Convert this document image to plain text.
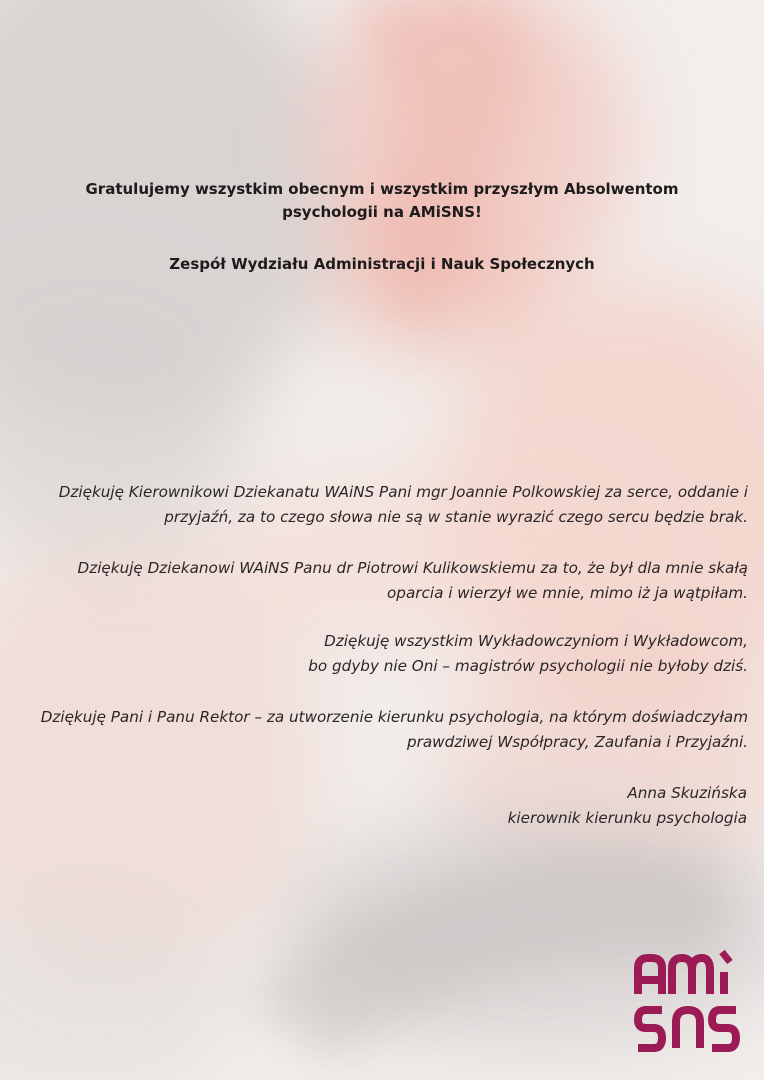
Gratulujemy wszystkim obecnym i wszystkim przyszłym Absolwentom
psychologii na AMiSNS!
Zespół Wydziału Administracji i Nauk Społecznych
Dziękuję Kierownikowi Dziekanatu WAiNS Pani mgr Joannie Polkowskiej za serce, oddanie i
przyjaźń, za to czego słowa nie są w stanie wyrazić czego sercu będzie brak.
Dziękuję Dziekanowi WAiNS Panu dr Piotrowi Kulikowskiemu za to, że był dla mnie skałą
oparcia i wierzył we mnie, mimo iż ja wątpiłam.
Dziękuję wszystkim Wykładowczyniom i Wykładowcom,
bo gdyby nie Oni – magistrów psychologii nie byłoby dziś.
Dziękuję Pani i Panu Rektor – za utworzenie kierunku psychologia, na którym doświadczyłam
prawdziwej Współpracy, Zaufania i Przyjaźni.
Anna Skuzińska
kierownik kierunku psychologia
